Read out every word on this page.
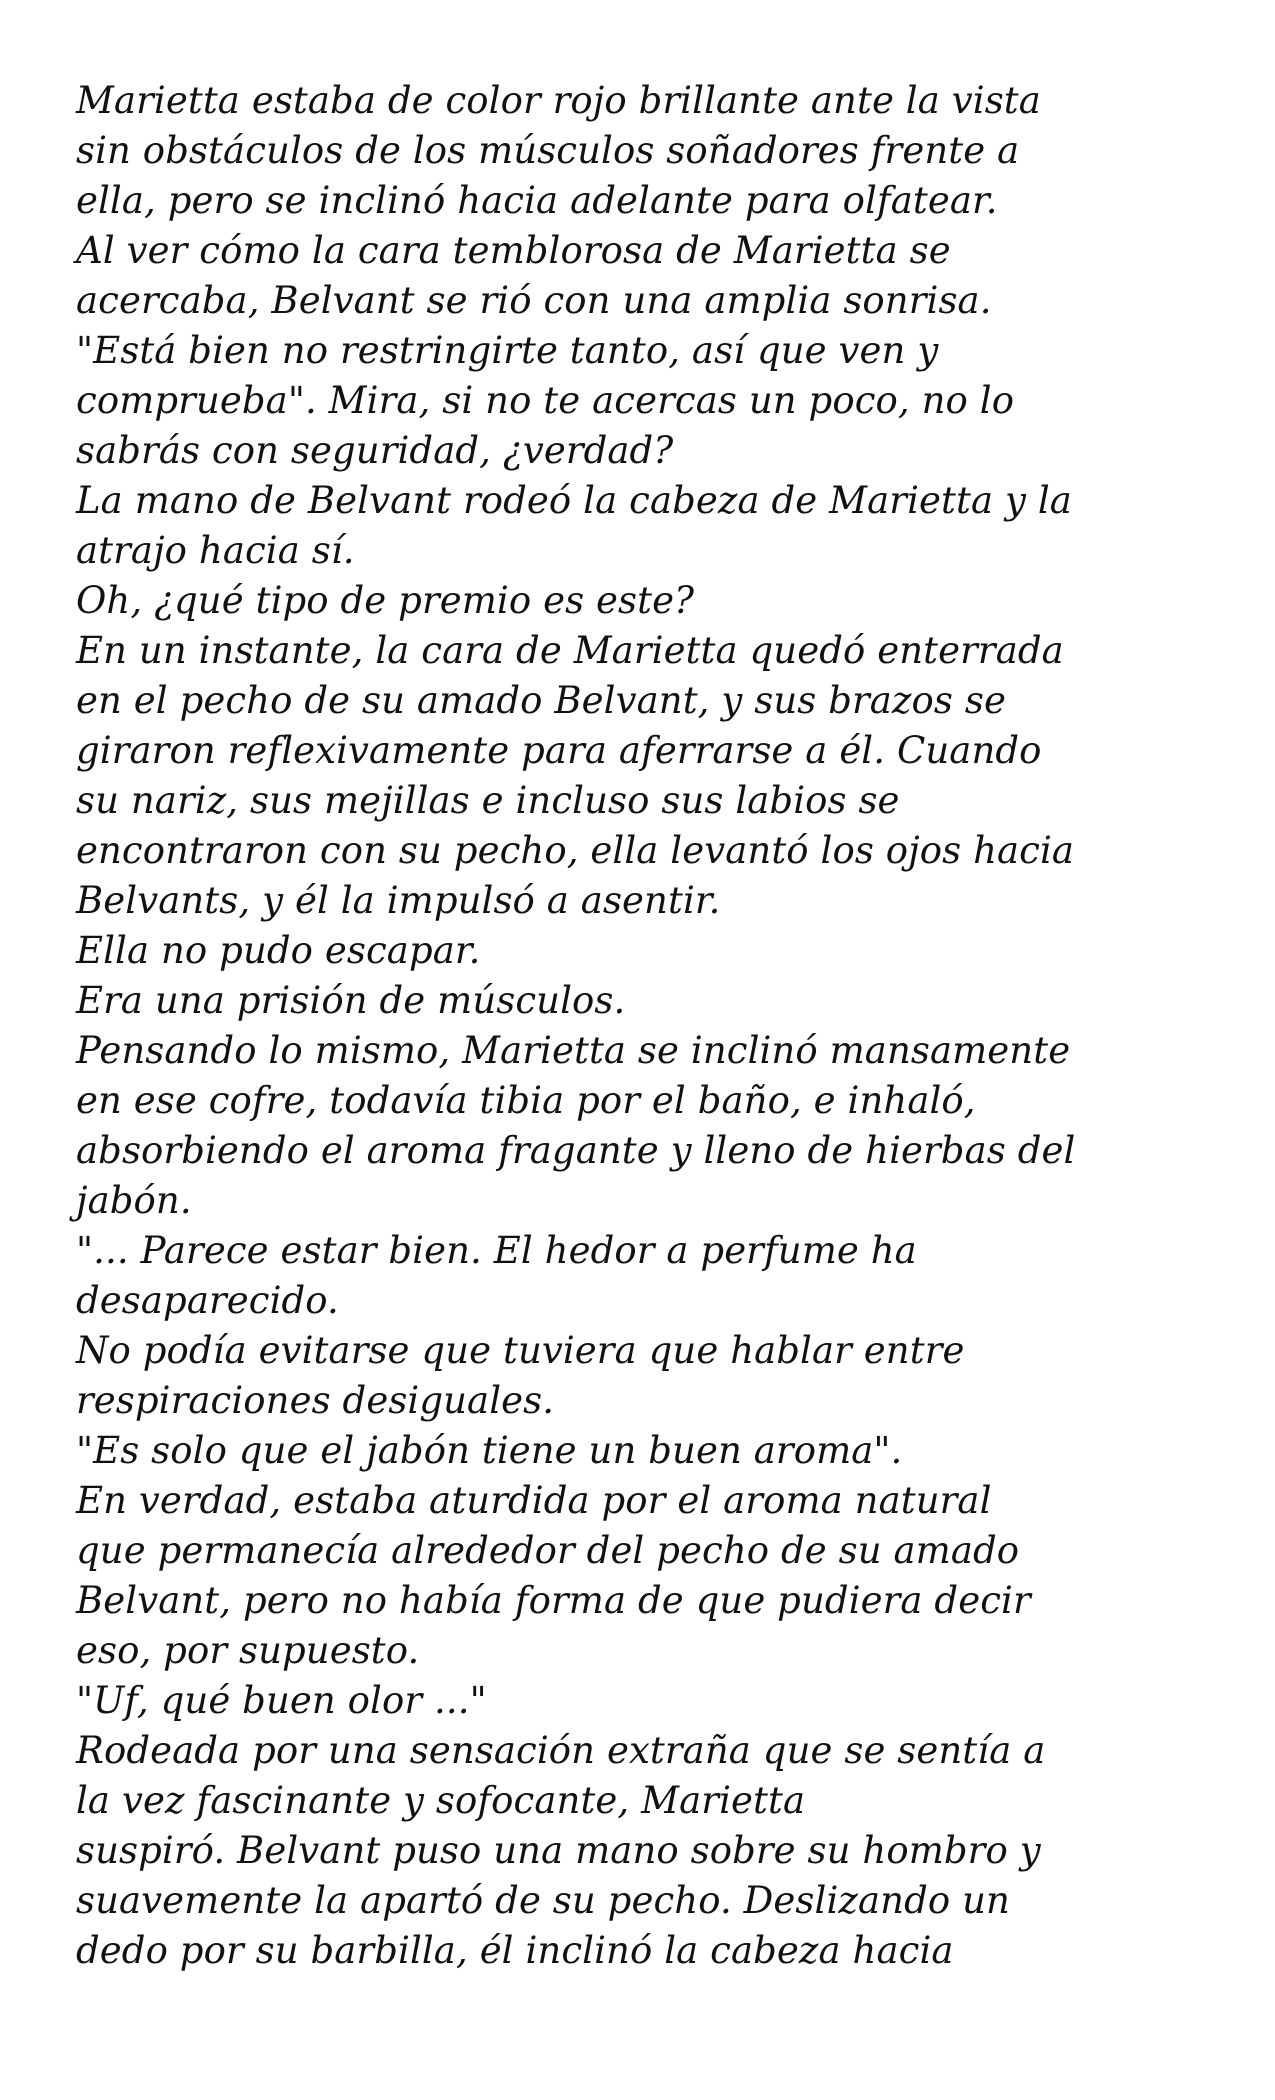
Marietta estaba de color rojo brillante ante la vista
sin obstáculos de los músculos soñadores frente a
ella, pero se inclinó hacia adelante para olfatear.
Al ver cómo la cara temblorosa de Marietta se
acercaba, Belvant se rió con una amplia sonrisa.
"Está bien no restringirte tanto, así que ven y
comprueba". Mira, si no te acercas un poco, no lo
sabrás con seguridad, ¿verdad?
La mano de Belvant rodeó la cabeza de Marietta y la
atrajo hacia sí.
Oh, ¿qué tipo de premio es este?
En un instante, la cara de Marietta quedó enterrada
en el pecho de su amado Belvant, y sus brazos se
giraron reflexivamente para aferrarse a él. Cuando
su nariz, sus mejillas e incluso sus labios se
encontraron con su pecho, ella levantó los ojos hacia
Belvants, y él la impulsó a asentir.
Ella no pudo escapar.
Era una prisión de músculos.
Pensando lo mismo, Marietta se inclinó mansamente
en ese cofre, todavía tibia por el baño, e inhaló,
absorbiendo el aroma fragante y lleno de hierbas del
jabón.
"... Parece estar bien. El hedor a perfume ha
desaparecido.
No podía evitarse que tuviera que hablar entre
respiraciones desiguales.
"Es solo que el jabón tiene un buen aroma".
En verdad, estaba aturdida por el aroma natural
que permanecía alrededor del pecho de su amado
Belvant, pero no había forma de que pudiera decir
eso, por supuesto.
"Uf, qué buen olor ..."
Rodeada por una sensación extraña que se sentía a
la vez fascinante y sofocante, Marietta
suspiró. Belvant puso una mano sobre su hombro y
suavemente la apartó de su pecho. Deslizando un
dedo por su barbilla, él inclinó la cabeza hacia
